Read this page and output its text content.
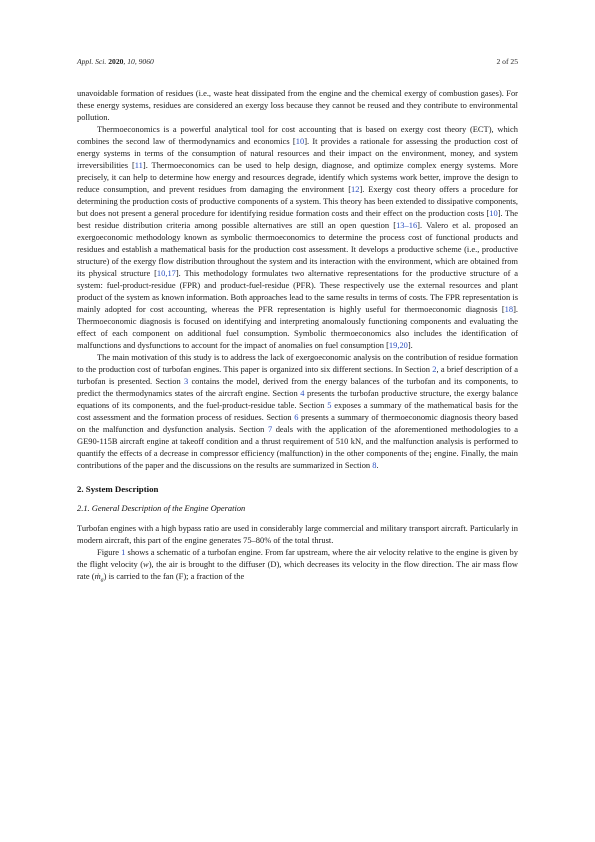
Appl. Sci. 2020, 10, 9060	2 of 25

unavoidable formation of residues (i.e., waste heat dissipated from the engine and the chemical exergy of combustion gases). For these energy systems, residues are considered an exergy loss because they cannot be reused and they contribute to environmental pollution.

Thermoeconomics is a powerful analytical tool for cost accounting that is based on exergy cost theory (ECT), which combines the second law of thermodynamics and economics [10]. It provides a rationale for assessing the production cost of energy systems in terms of the consumption of natural resources and their impact on the environment, money, and system irreversibilities [11]. Thermoeconomics can be used to help design, diagnose, and optimize complex energy systems. More precisely, it can help to determine how energy and resources degrade, identify which systems work better, improve the design to reduce consumption, and prevent residues from damaging the environment [12]. Exergy cost theory offers a procedure for determining the production costs of productive components of a system. This theory has been extended to dissipative components, but does not present a general procedure for identifying residue formation costs and their effect on the production costs [10]. The best residue distribution criteria among possible alternatives are still an open question [13–16]. Valero et al. proposed an exergoeconomic methodology known as symbolic thermoeconomics to determine the process cost of functional products and residues and establish a mathematical basis for the production cost assessment. It develops a productive scheme (i.e., productive structure) of the exergy flow distribution throughout the system and its interaction with the environment, which are obtained from its physical structure [10,17]. This methodology formulates two alternative representations for the productive structure of a system: fuel-product-residue (FPR) and product-fuel-residue (PFR). These respectively use the external resources and plant product of the system as known information. Both approaches lead to the same results in terms of costs. The FPR representation is mainly adopted for cost accounting, whereas the PFR representation is highly useful for thermoeconomic diagnosis [18]. Thermoeconomic diagnosis is focused on identifying and interpreting anomalously functioning components and evaluating the effect of each component on additional fuel consumption. Symbolic thermoeconomics also includes the identification of malfunctions and dysfunctions to account for the impact of anomalies on fuel consumption [19,20].

The main motivation of this study is to address the lack of exergoeconomic analysis on the contribution of residue formation to the production cost of turbofan engines. This paper is organized into six different sections. In Section 2, a brief description of a turbofan is presented. Section 3 contains the model, derived from the energy balances of the turbofan and its components, to predict the thermodynamics states of the aircraft engine. Section 4 presents the turbofan productive structure, the exergy balance equations of its components, and the fuel-product-residue table. Section 5 exposes a summary of the mathematical basis for the cost assessment and the formation process of residues. Section 6 presents a summary of thermoeconomic diagnosis theory based on the malfunction and dysfunction analysis. Section 7 deals with the application of the aforementioned methodologies to a GE90-115B aircraft engine at takeoff condition and a thrust requirement of 510 kN, and the malfunction analysis is performed to quantify the effects of a decrease in compressor efficiency (malfunction) in the other components of the¡ engine. Finally, the main contributions of the paper and the discussions on the results are summarized in Section 8.

2. System Description
2.1. General Description of the Engine Operation

Turbofan engines with a high bypass ratio are used in considerably large commercial and military transport aircraft. Particularly in modern aircraft, this part of the engine generates 75–80% of the total thrust.

Figure 1 shows a schematic of a turbofan engine. From far upstream, where the air velocity relative to the engine is given by the flight velocity (w), the air is brought to the diffuser (D), which decreases its velocity in the flow direction. The air mass flow rate (ṁ$_a$) is carried to the fan (F); a fraction of the
